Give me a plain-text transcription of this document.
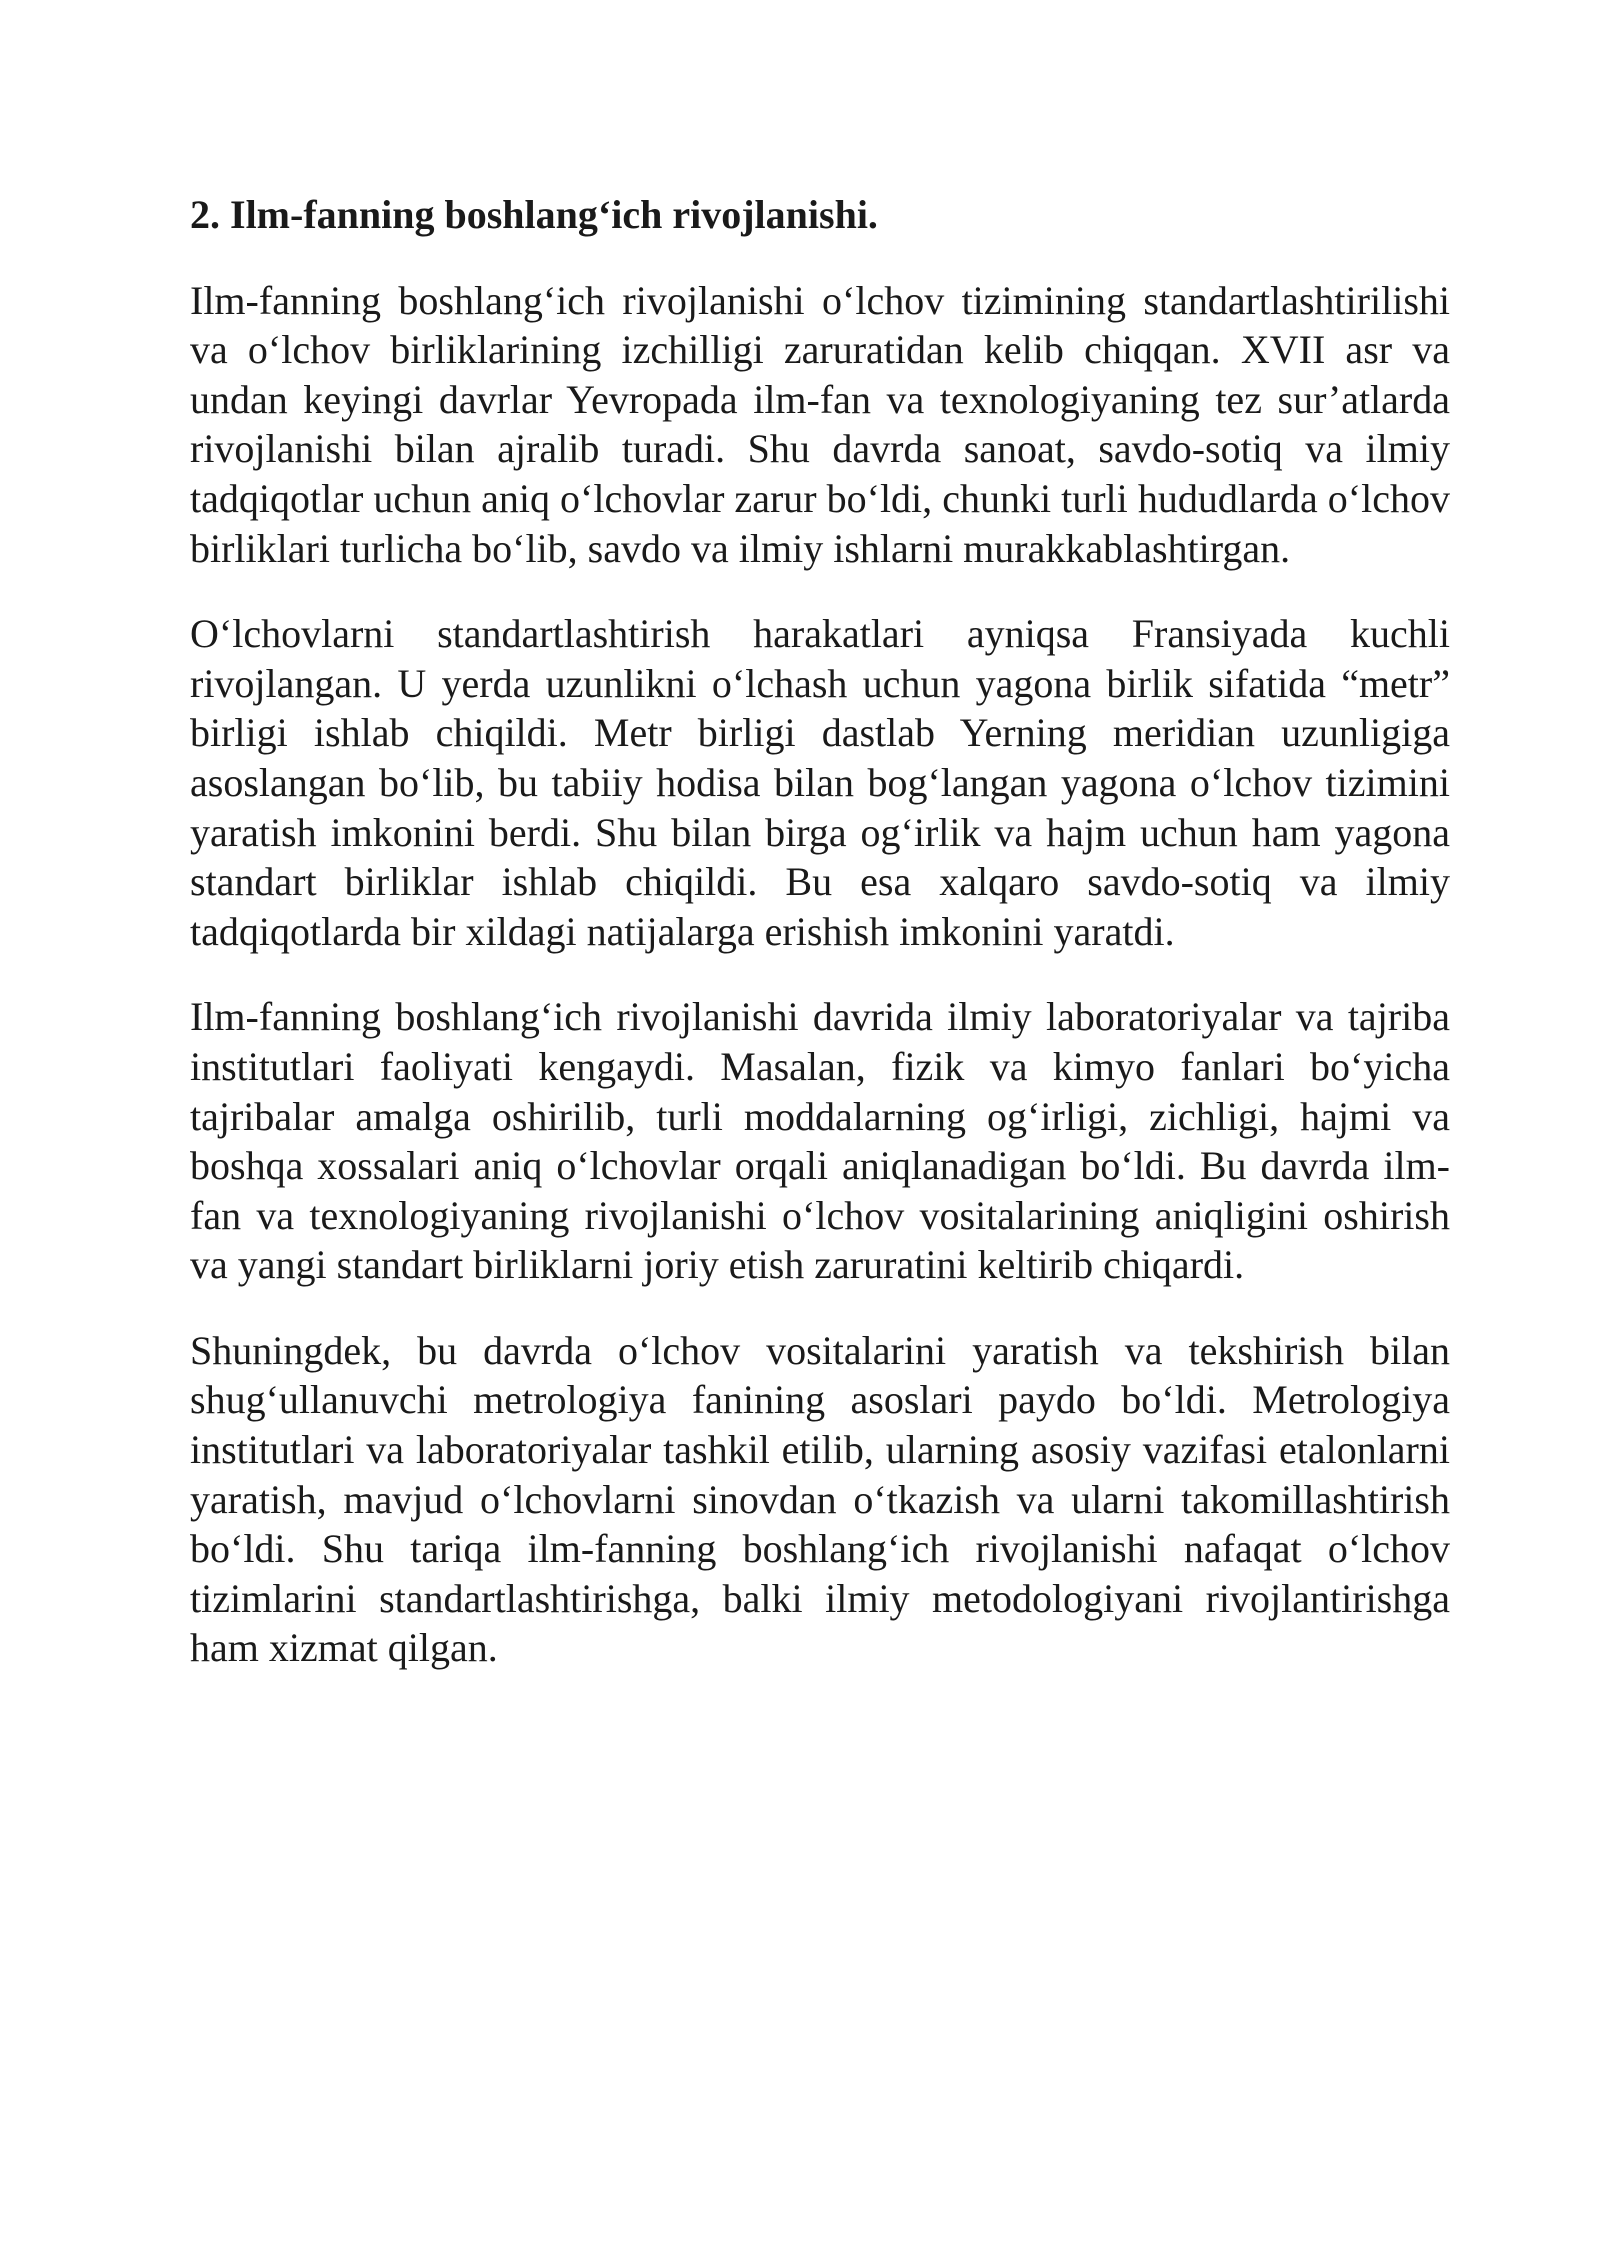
2. Ilm-fanning boshlang‘ich rivojlanishi.

Ilm-fanning boshlang‘ich rivojlanishi o‘lchov tizimining standartlashtirilishi va o‘lchov birliklarining izchilligi zaruratidan kelib chiqqan. XVII asr va undan keyingi davrlar Yevropada ilm-fan va texnologiyaning tez sur’atlarda rivojlanishi bilan ajralib turadi. Shu davrda sanoat, savdo-sotiq va ilmiy tadqiqotlar uchun aniq o‘lchovlar zarur bo‘ldi, chunki turli hududlarda o‘lchov birliklari turlicha bo‘lib, savdo va ilmiy ishlarni murakkablashtirgan.

O‘lchovlarni standartlashtirish harakatlari ayniqsa Fransiyada kuchli rivojlangan. U yerda uzunlikni o‘lchash uchun yagona birlik sifatida “metr” birligi ishlab chiqildi. Metr birligi dastlab Yerning meridian uzunligiga asoslangan bo‘lib, bu tabiiy hodisa bilan bog‘langan yagona o‘lchov tizimini yaratish imkonini berdi. Shu bilan birga og‘irlik va hajm uchun ham yagona standart birliklar ishlab chiqildi. Bu esa xalqaro savdo-sotiq va ilmiy tadqiqotlarda bir xildagi natijalarga erishish imkonini yaratdi.

Ilm-fanning boshlang‘ich rivojlanishi davrida ilmiy laboratoriyalar va tajriba institutlari faoliyati kengaydi. Masalan, fizik va kimyo fanlari bo‘yicha tajribalar amalga oshirilib, turli moddalarning og‘irligi, zichligi, hajmi va boshqa xossalari aniq o‘lchovlar orqali aniqlanadigan bo‘ldi. Bu davrda ilm-fan va texnologiyaning rivojlanishi o‘lchov vositalarining aniqligini oshirish va yangi standart birliklarni joriy etish zaruratini keltirib chiqardi.

Shuningdek, bu davrda o‘lchov vositalarini yaratish va tekshirish bilan shug‘ullanuvchi metrologiya fanining asoslari paydo bo‘ldi. Metrologiya institutlari va laboratoriyalar tashkil etilib, ularning asosiy vazifasi etalonlarni yaratish, mavjud o‘lchovlarni sinovdan o‘tkazish va ularni takomillashtirish bo‘ldi. Shu tariqa ilm-fanning boshlang‘ich rivojlanishi nafaqat o‘lchov tizimlarini standartlashtirishga, balki ilmiy metodologiyani rivojlantirishga ham xizmat qilgan.
